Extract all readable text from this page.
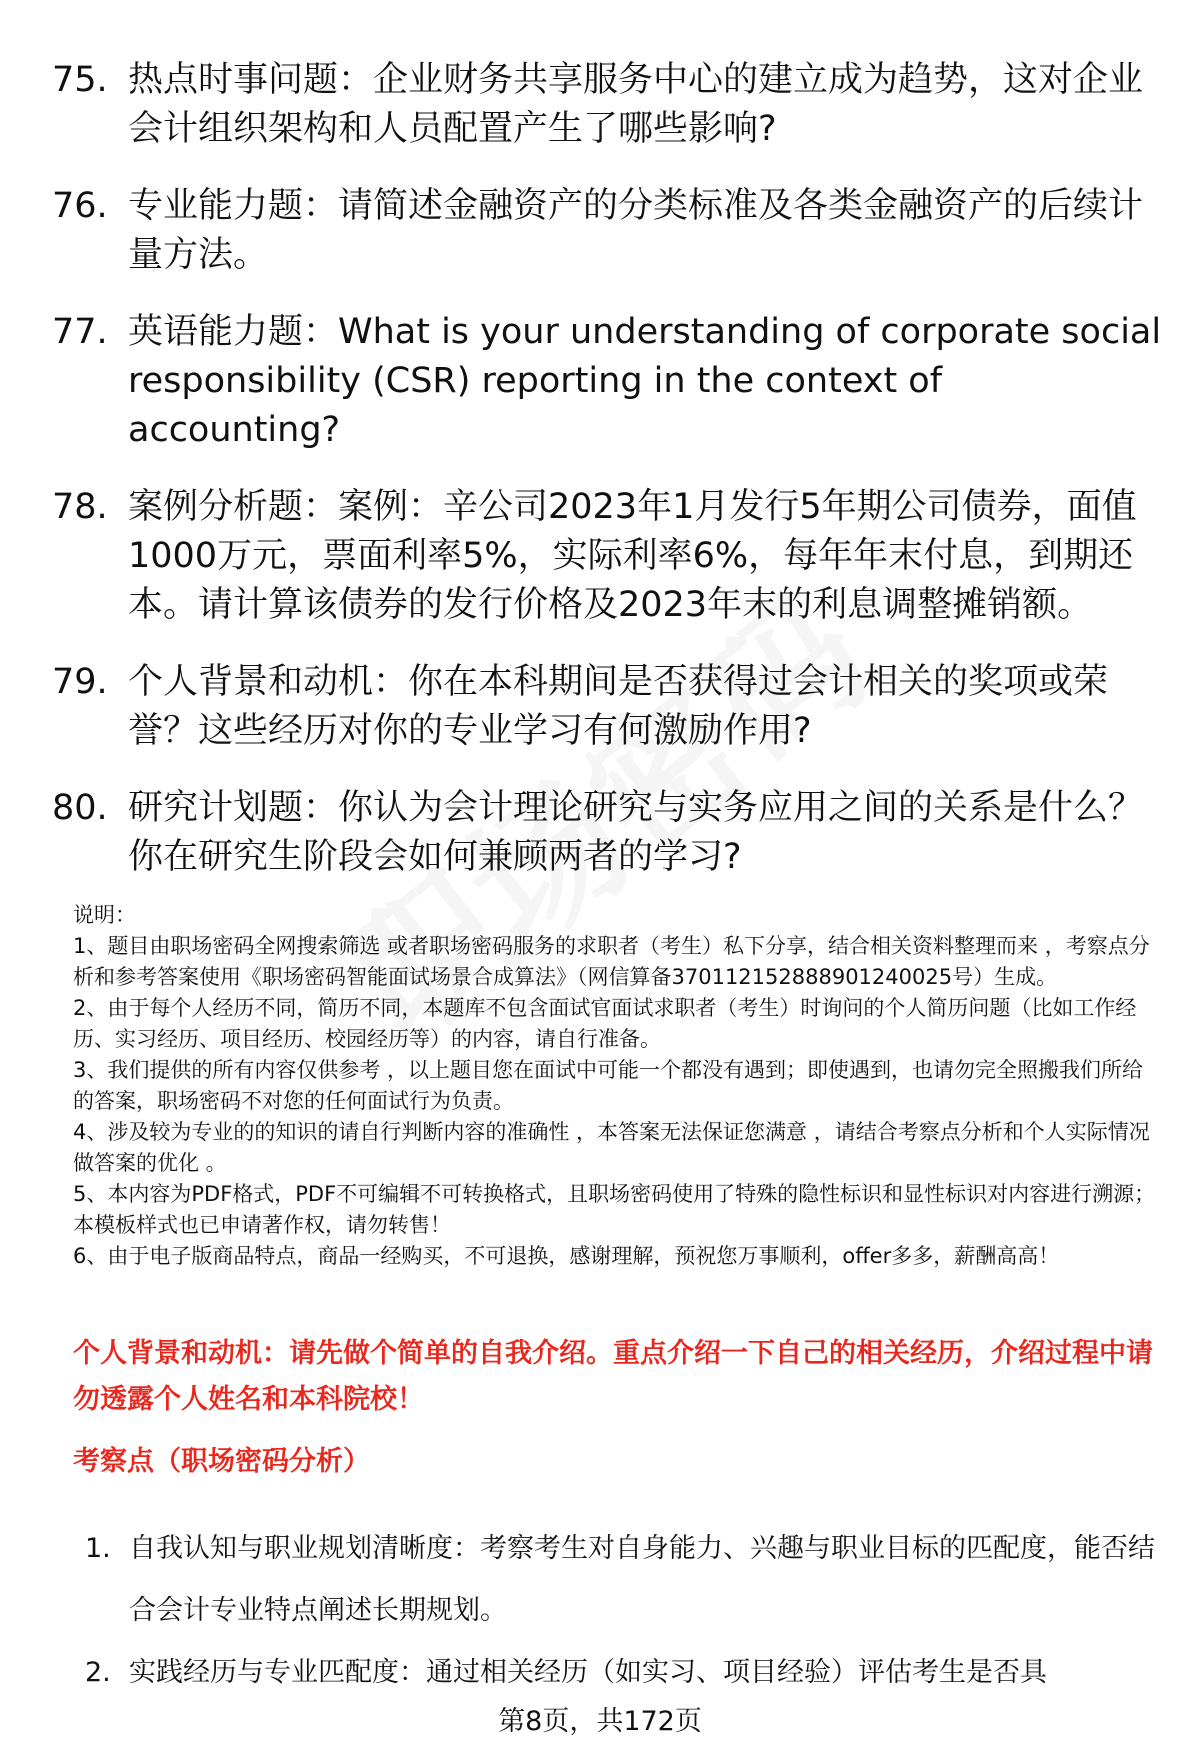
75. 热点时事问题：企业财务共享服务中心的建立成为趋势，这对企业会计组织架构和人员配置产生了哪些影响?
76. 专业能力题：请简述金融资产的分类标准及各类金融资产的后续计量方法。
77. 英语能力题：What is your understanding of corporate social responsibility (CSR) reporting in the context of accounting?
78. 案例分析题：案例：辛公司2023年1月发行5年期公司债券，面值1000万元，票面利率5%，实际利率6%，每年年末付息，到期还本。请计算该债券的发行价格及2023年末的利息调整摊销额。
79. 个人背景和动机：你在本科期间是否获得过会计相关的奖项或荣誉？这些经历对你的专业学习有何激励作用?
80. 研究计划题：你认为会计理论研究与实务应用之间的关系是什么？你在研究生阶段会如何兼顾两者的学习?

说明：

1、题目由职场密码全网搜索筛选 或者职场密码服务的求职者（考生）私下分享，结合相关资料整理而来 ，考察点分析和参考答案使用《职场密码智能面试场景合成算法》（网信算备370112152888901240025号）生成。

2、由于每个人经历不同，简历不同，本题库不包含面试官面试求职者（考生）时询问的个人简历问题（比如工作经历、实习经历、项目经历、校园经历等）的内容，请自行准备。

3、我们提供的所有内容仅供参考 ，以上题目您在面试中可能一个都没有遇到；即使遇到，也请勿完全照搬我们所给的答案，职场密码不对您的任何面试行为负责。

4、涉及较为专业的的知识的请自行判断内容的准确性 ，本答案无法保证您满意 ，请结合考察点分析和个人实际情况做答案的优化 。

5、本内容为PDF格式，PDF不可编辑不可转换格式，且职场密码使用了特殊的隐性标识和显性标识对内容进行溯源；本模板样式也已申请著作权，请勿转售！

6、由于电子版商品特点，商品一经购买，不可退换，感谢理解，预祝您万事顺利，offer多多，薪酬高高！

个人背景和动机：请先做个简单的自我介绍。重点介绍一下自己的相关经历，介绍过程中请勿透露个人姓名和本科院校！
考察点（职场密码分析）
1. 自我认知与职业规划清晰度：考察考生对自身能力、兴趣与职业目标的匹配度，能否结合会计专业特点阐述长期规划。
2. 实践经历与专业匹配度：通过相关经历（如实习、项目经验）评估考生是否具
第8页，共172页
